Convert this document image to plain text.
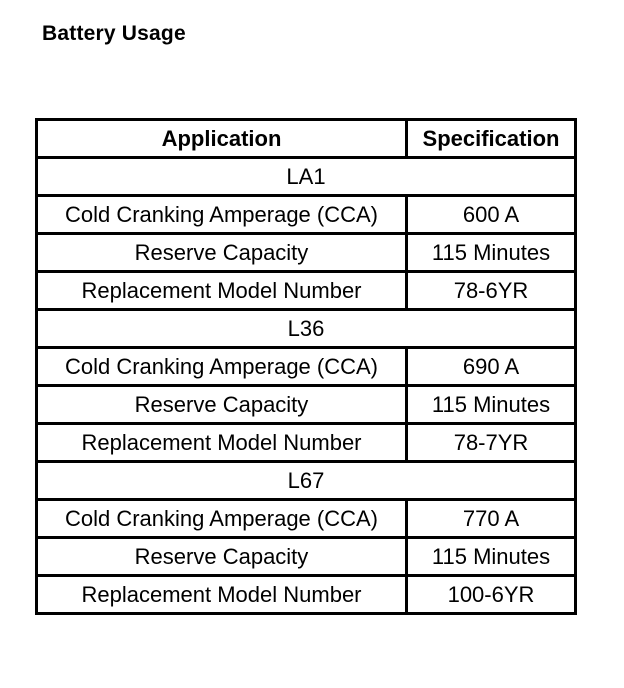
Battery Usage
Application	Specification
LA1	
Cold Cranking Amperage (CCA)	600 A
Reserve Capacity	115 Minutes
Replacement Model Number	78-6YR
L36	
Cold Cranking Amperage (CCA)	690 A
Reserve Capacity	115 Minutes
Replacement Model Number	78-7YR
L67	
Cold Cranking Amperage (CCA)	770 A
Reserve Capacity	115 Minutes
Replacement Model Number	100-6YR
